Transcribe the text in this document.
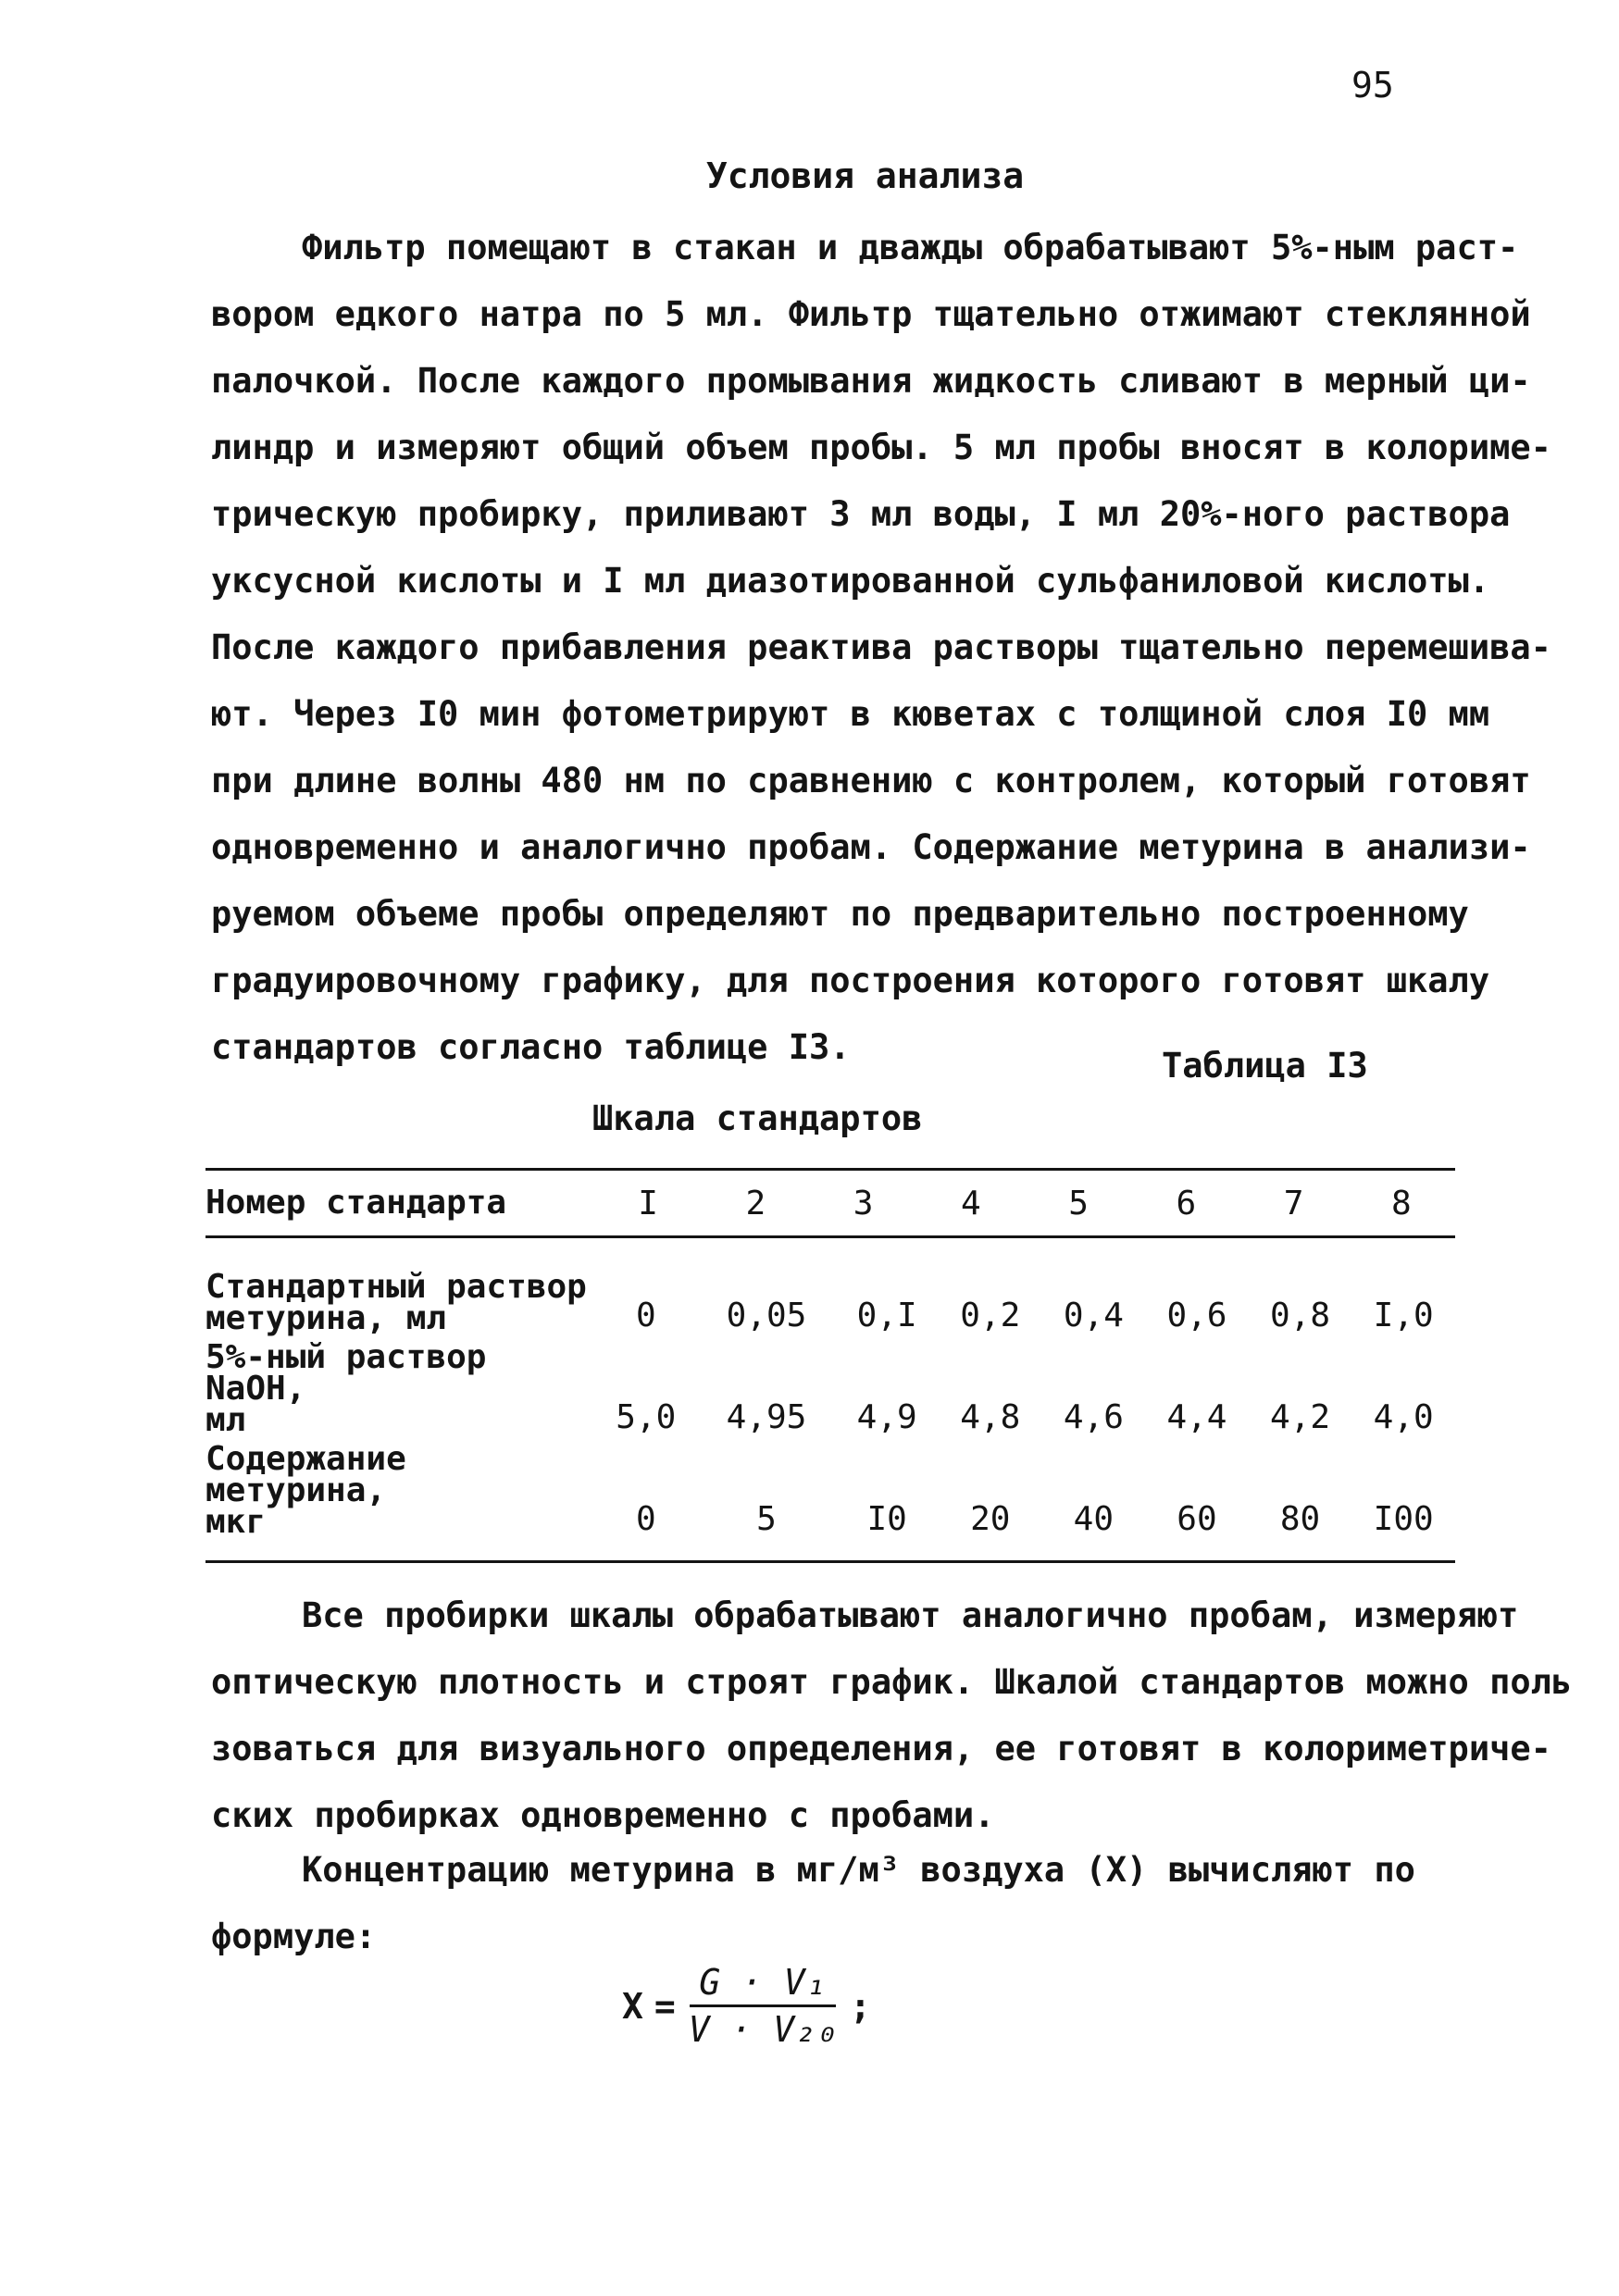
95
Условия анализа
Фильтр помещают в стакан и дважды обрабатывают 5%-ным раст-
вором едкого натра по 5 мл. Фильтр тщательно отжимают стеклянной
палочкой. После каждого промывания жидкость сливают в мерный ци-
линдр и измеряют общий объем пробы. 5 мл пробы вносят в колориме-
трическую пробирку, приливают 3 мл воды, I мл 20%-ного раствора
уксусной кислоты и I мл диазотированной сульфаниловой кислоты.
После каждого прибавления реактива растворы тщательно перемешива-
ют. Через I0 мин фотометрируют в кюветах с толщиной слоя I0 мм
при длине волны 480 нм по сравнению с контролем, который готовят
одновременно и аналогично пробам. Содержание метурина в анализи-
руемом объеме пробы определяют по предварительно построенному
градуировочному графику, для построения которого готовят шкалу
стандартов согласно таблице I3.	Таблица I3
Шкала стандартов
Номер стандарта	I	2	3	4	5	6	7	8
Стандартный раствор
метурина, мл	0	0,05	0,I	0,2	0,4	0,6	0,8	I,0

5%-ный раствор NaOH,
мл	5,0	4,95	4,9	4,8	4,6	4,4	4,2	4,0

Содержание метурина,
мкг	0	5	I0	20	40	60	80	I00
Все пробирки шкалы обрабатывают аналогично пробам, измеряют
оптическую плотность и строят график. Шкалой стандартов можно поль
зоваться для визуального определения, ее готовят в колориметриче-
ских пробирках одновременно с пробами.
Концентрацию метурина в мг/м³ воздуха (X) вычисляют по
формуле:
$X = \frac{\text{G · V₁}}{\text{V · V₂₀}}$ ;
